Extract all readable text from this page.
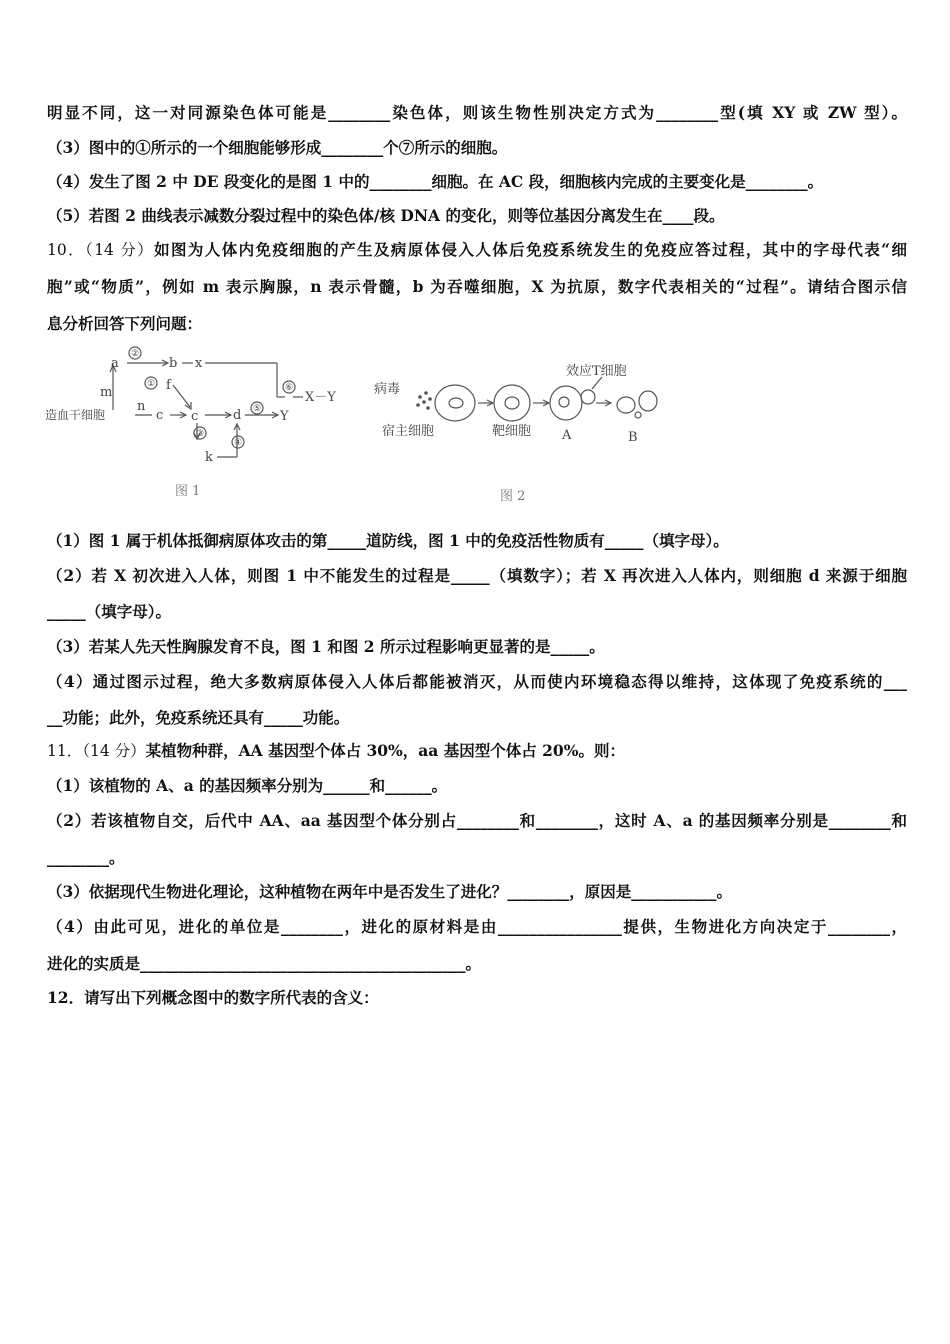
明显不同，这一对同源染色体可能是________染色体，则该生物性别决定方式为________型(填 XY 或 ZW 型）。
（3）图中的①所示的一个细胞能够形成________个⑦所示的细胞。
（4）发生了图 2 中 DE 段变化的是图 1 中的________细胞。在 AC 段，细胞核内完成的主要变化是________。
（5）若图 2 曲线表示减数分裂过程中的染色体/核 DNA 的变化，则等位基因分离发生在____段。
10．（14 分）如图为人体内免疫细胞的产生及病原体侵入人体后免疫系统发生的免疫应答过程，其中的字母代表“细
胞”或“物质”，例如 m 表示胸腺，n 表示骨髓，b 为吞噬细胞，X 为抗原，数字代表相关的“过程”。请结合图示信
息分析回答下列问题：
造血干细胞
a	b x
m	f
n
c c	d	Y
k
X－Y
②
①
③
④
⑤
⑥
图 1
病毒
效应T细胞
宿主细胞	靶细胞 A	B
图 2
（1）图 1 属于机体抵御病原体攻击的第_____道防线，图 1 中的免疫活性物质有_____（填字母）。
（2）若 X 初次进入人体，则图 1 中不能发生的过程是_____（填数字）；若 X 再次进入人体内，则细胞 d 来源于细胞
_____（填字母）。
（3）若某人先天性胸腺发育不良，图 1 和图 2 所示过程影响更显著的是_____。
（4）通过图示过程，绝大多数病原体侵入人体后都能被消灭，从而使内环境稳态得以维持，这体现了免疫系统的___
__功能；此外，免疫系统还具有_____功能。
11．（14 分）某植物种群，AA 基因型个体占 30%，aa 基因型个体占 20%。则：
（1）该植物的 A、a 的基因频率分别为______和______。
（2）若该植物自交，后代中 AA、aa 基因型个体分别占________和________，这时 A、a 的基因频率分别是________和
________。
（3）依据现代生物进化理论，这种植物在两年中是否发生了进化？________，原因是___________。
（4）由此可见，进化的单位是________，进化的原材料是由________________提供，生物进化方向决定于________，
进化的实质是__________________________________________。
12．请写出下列概念图中的数字所代表的含义：
